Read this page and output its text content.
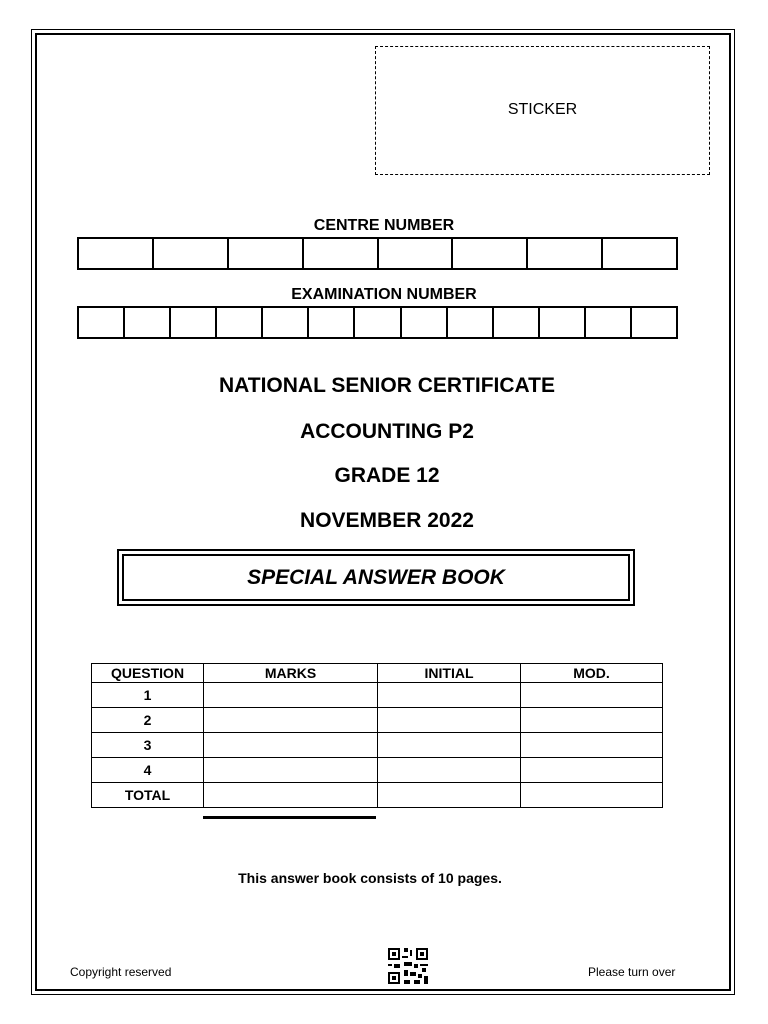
STICKER
CENTRE NUMBER
EXAMINATION NUMBER
NATIONAL SENIOR CERTIFICATE
ACCOUNTING P2
GRADE 12
NOVEMBER 2022
SPECIAL ANSWER BOOK
QUESTION	MARKS	INITIAL	MOD.
1			
2			
3			
4			
TOTAL			
This answer book consists of 10 pages.
Copyright reserved	Please turn over
